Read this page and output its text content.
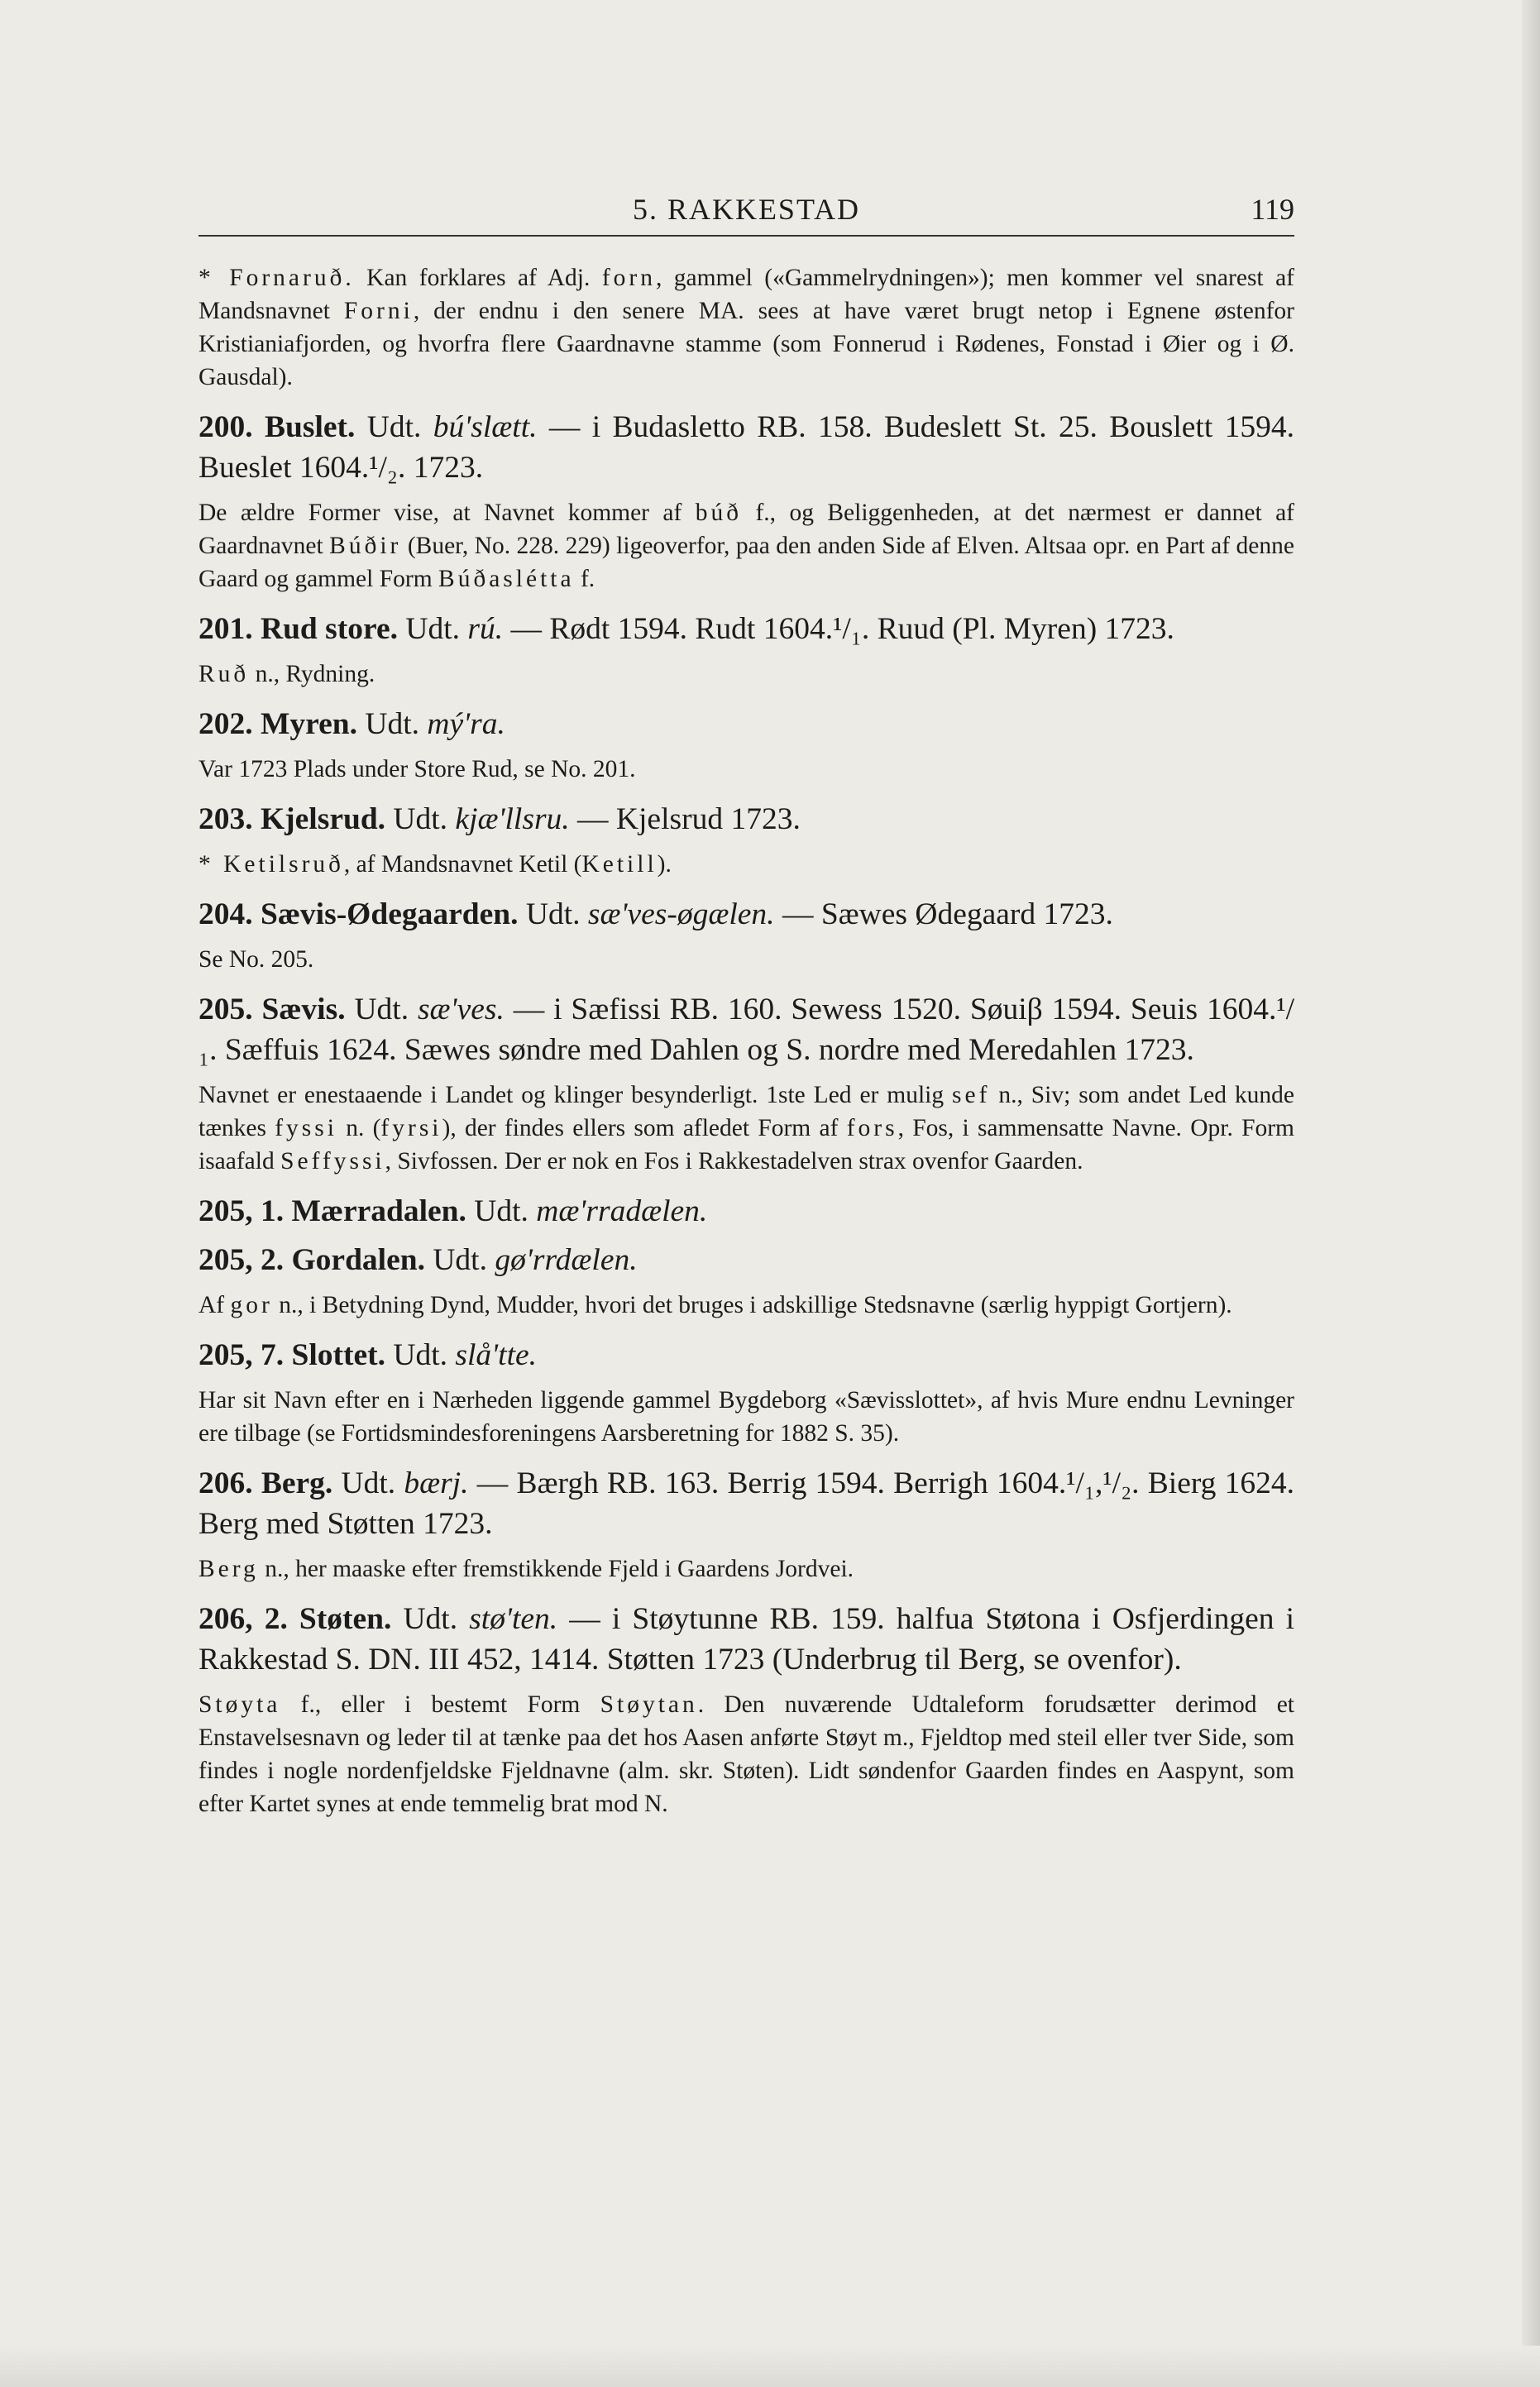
5. RAKKESTAD	119

* Fornaruð. Kan forklares af Adj. forn, gammel («Gammelrydningen»); men kommer vel snarest af Mandsnavnet Forni, der endnu i den senere MA. sees at have været brugt netop i Egnene østenfor Kristianiafjorden, og hvorfra flere Gaardnavne stamme (som Fonnerud i Rødenes, Fonstad i Øier og i Ø. Gausdal).

200. Buslet. Udt. bú'slætt. — i Budasletto RB. 158. Budeslett St. 25. Bouslett 1594. Bueslet 1604.¹/₂. 1723.

De ældre Former vise, at Navnet kommer af búð f., og Beliggenheden, at det nærmest er dannet af Gaardnavnet Búðir (Buer, No. 228. 229) ligeoverfor, paa den anden Side af Elven. Altsaa opr. en Part af denne Gaard og gammel Form Búðaslétta f.

201. Rud store. Udt. rú. — Rødt 1594. Rudt 1604.¹/₁. Ruud (Pl. Myren) 1723.

Ruð n., Rydning.

202. Myren. Udt. mý'ra.

Var 1723 Plads under Store Rud, se No. 201.

203. Kjelsrud. Udt. kjæ'llsru. — Kjelsrud 1723.

* Ketilsruð, af Mandsnavnet Ketil (Ketill).

204. Sævis-Ødegaarden. Udt. sæ'ves-øgælen. — Sæwes Ødegaard 1723.

Se No. 205.

205. Sævis. Udt. sæ'ves. — i Sæfissi RB. 160. Sewess 1520. Søuiβ 1594. Seuis 1604.¹/₁. Sæffuis 1624. Sæwes søndre med Dahlen og S. nordre med Meredahlen 1723.

Navnet er enestaaende i Landet og klinger besynderligt. 1ste Led er mulig sef n., Siv; som andet Led kunde tænkes fyssi n. (fyrsi), der findes ellers som afledet Form af fors, Fos, i sammensatte Navne. Opr. Form isaafald Seffyssi, Sivfossen. Der er nok en Fos i Rakkestadelven strax ovenfor Gaarden.

205, 1. Mærradalen. Udt. mæ'rradælen.

205, 2. Gordalen. Udt. gø'rrdælen.

Af gor n., i Betydning Dynd, Mudder, hvori det bruges i adskillige Stedsnavne (særlig hyppigt Gortjern).

205, 7. Slottet. Udt. slå'tte.

Har sit Navn efter en i Nærheden liggende gammel Bygdeborg «Sævisslottet», af hvis Mure endnu Levninger ere tilbage (se Fortidsmindesforeningens Aarsberetning for 1882 S. 35).

206. Berg. Udt. bærj. — Bærgh RB. 163. Berrig 1594. Berrigh 1604.¹/₁,¹/₂. Bierg 1624. Berg med Støtten 1723.

Berg n., her maaske efter fremstikkende Fjeld i Gaardens Jordvei.

206, 2. Støten. Udt. stø'ten. — i Støytunne RB. 159. halfua Støtona i Osfjerdingen i Rakkestad S. DN. III 452, 1414. Støtten 1723 (Underbrug til Berg, se ovenfor).

Støyta f., eller i bestemt Form Støytan. Den nuværende Udtaleform forudsætter derimod et Enstavelsesnavn og leder til at tænke paa det hos Aasen anførte Støyt m., Fjeldtop med steil eller tver Side, som findes i nogle nordenfjeldske Fjeldnavne (alm. skr. Støten). Lidt søndenfor Gaarden findes en Aaspynt, som efter Kartet synes at ende temmelig brat mod N.
